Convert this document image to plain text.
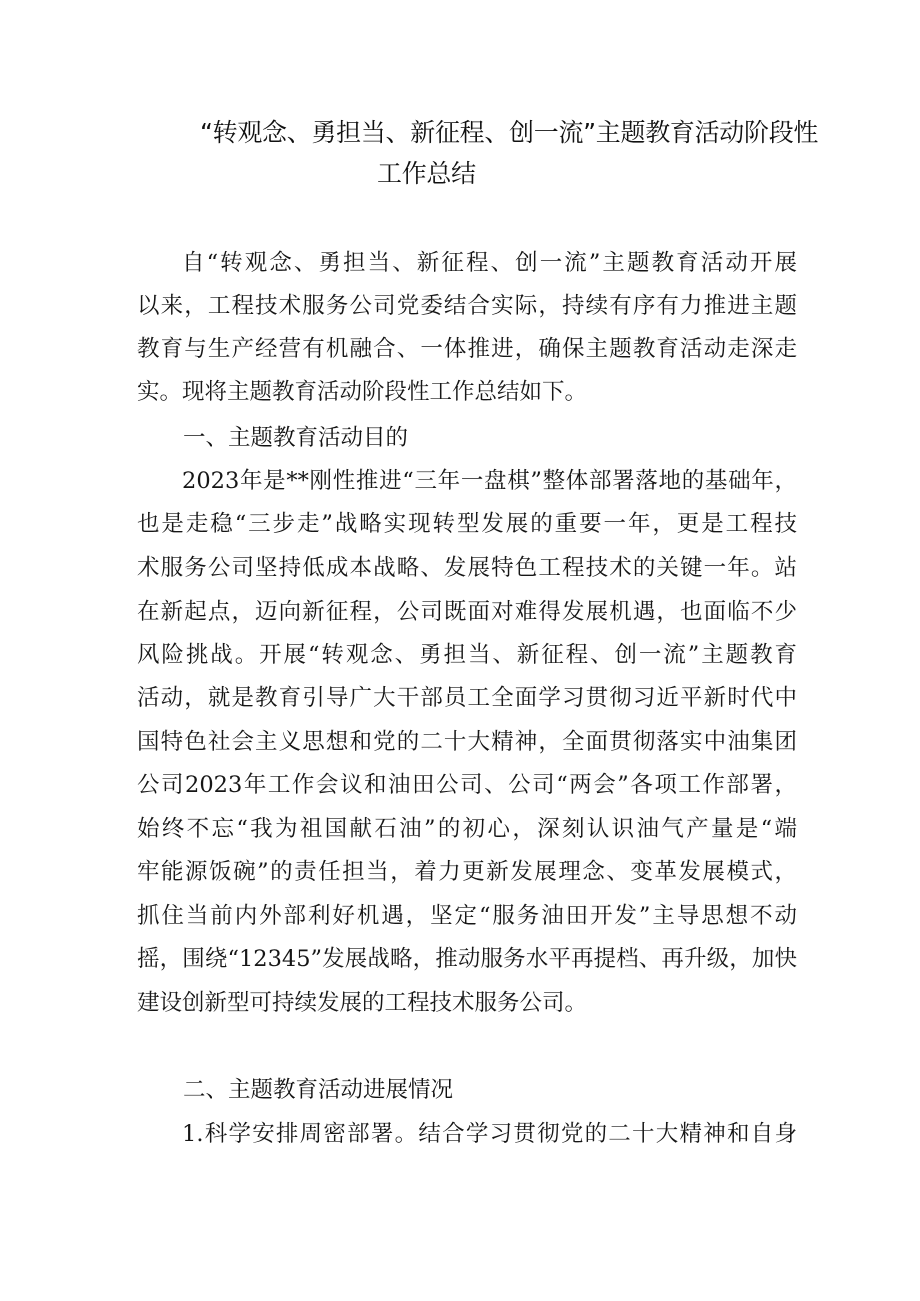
“转观念、勇担当、新征程、创一流”主题教育活动阶段性
工作总结
自“转观念、勇担当、新征程、创一流”主题教育活动开展
以来，工程技术服务公司党委结合实际，持续有序有力推进主题
教育与生产经营有机融合、一体推进，确保主题教育活动走深走
实。现将主题教育活动阶段性工作总结如下。
一、主题教育活动目的
2023年是**刚性推进“三年一盘棋”整体部署落地的基础年，
也是走稳“三步走”战略实现转型发展的重要一年，更是工程技
术服务公司坚持低成本战略、发展特色工程技术的关键一年。站
在新起点，迈向新征程，公司既面对难得发展机遇，也面临不少
风险挑战。开展“转观念、勇担当、新征程、创一流”主题教育
活动，就是教育引导广大干部员工全面学习贯彻习近平新时代中
国特色社会主义思想和党的二十大精神，全面贯彻落实中油集团
公司2023年工作会议和油田公司、公司“两会”各项工作部署，
始终不忘“我为祖国献石油”的初心，深刻认识油气产量是“端
牢能源饭碗”的责任担当，着力更新发展理念、变革发展模式，
抓住当前内外部利好机遇，坚定“服务油田开发”主导思想不动
摇，围绕“12345”发展战略，推动服务水平再提档、再升级，加快
建设创新型可持续发展的工程技术服务公司。
二、主题教育活动进展情况
1.科学安排周密部署。结合学习贯彻党的二十大精神和自身
